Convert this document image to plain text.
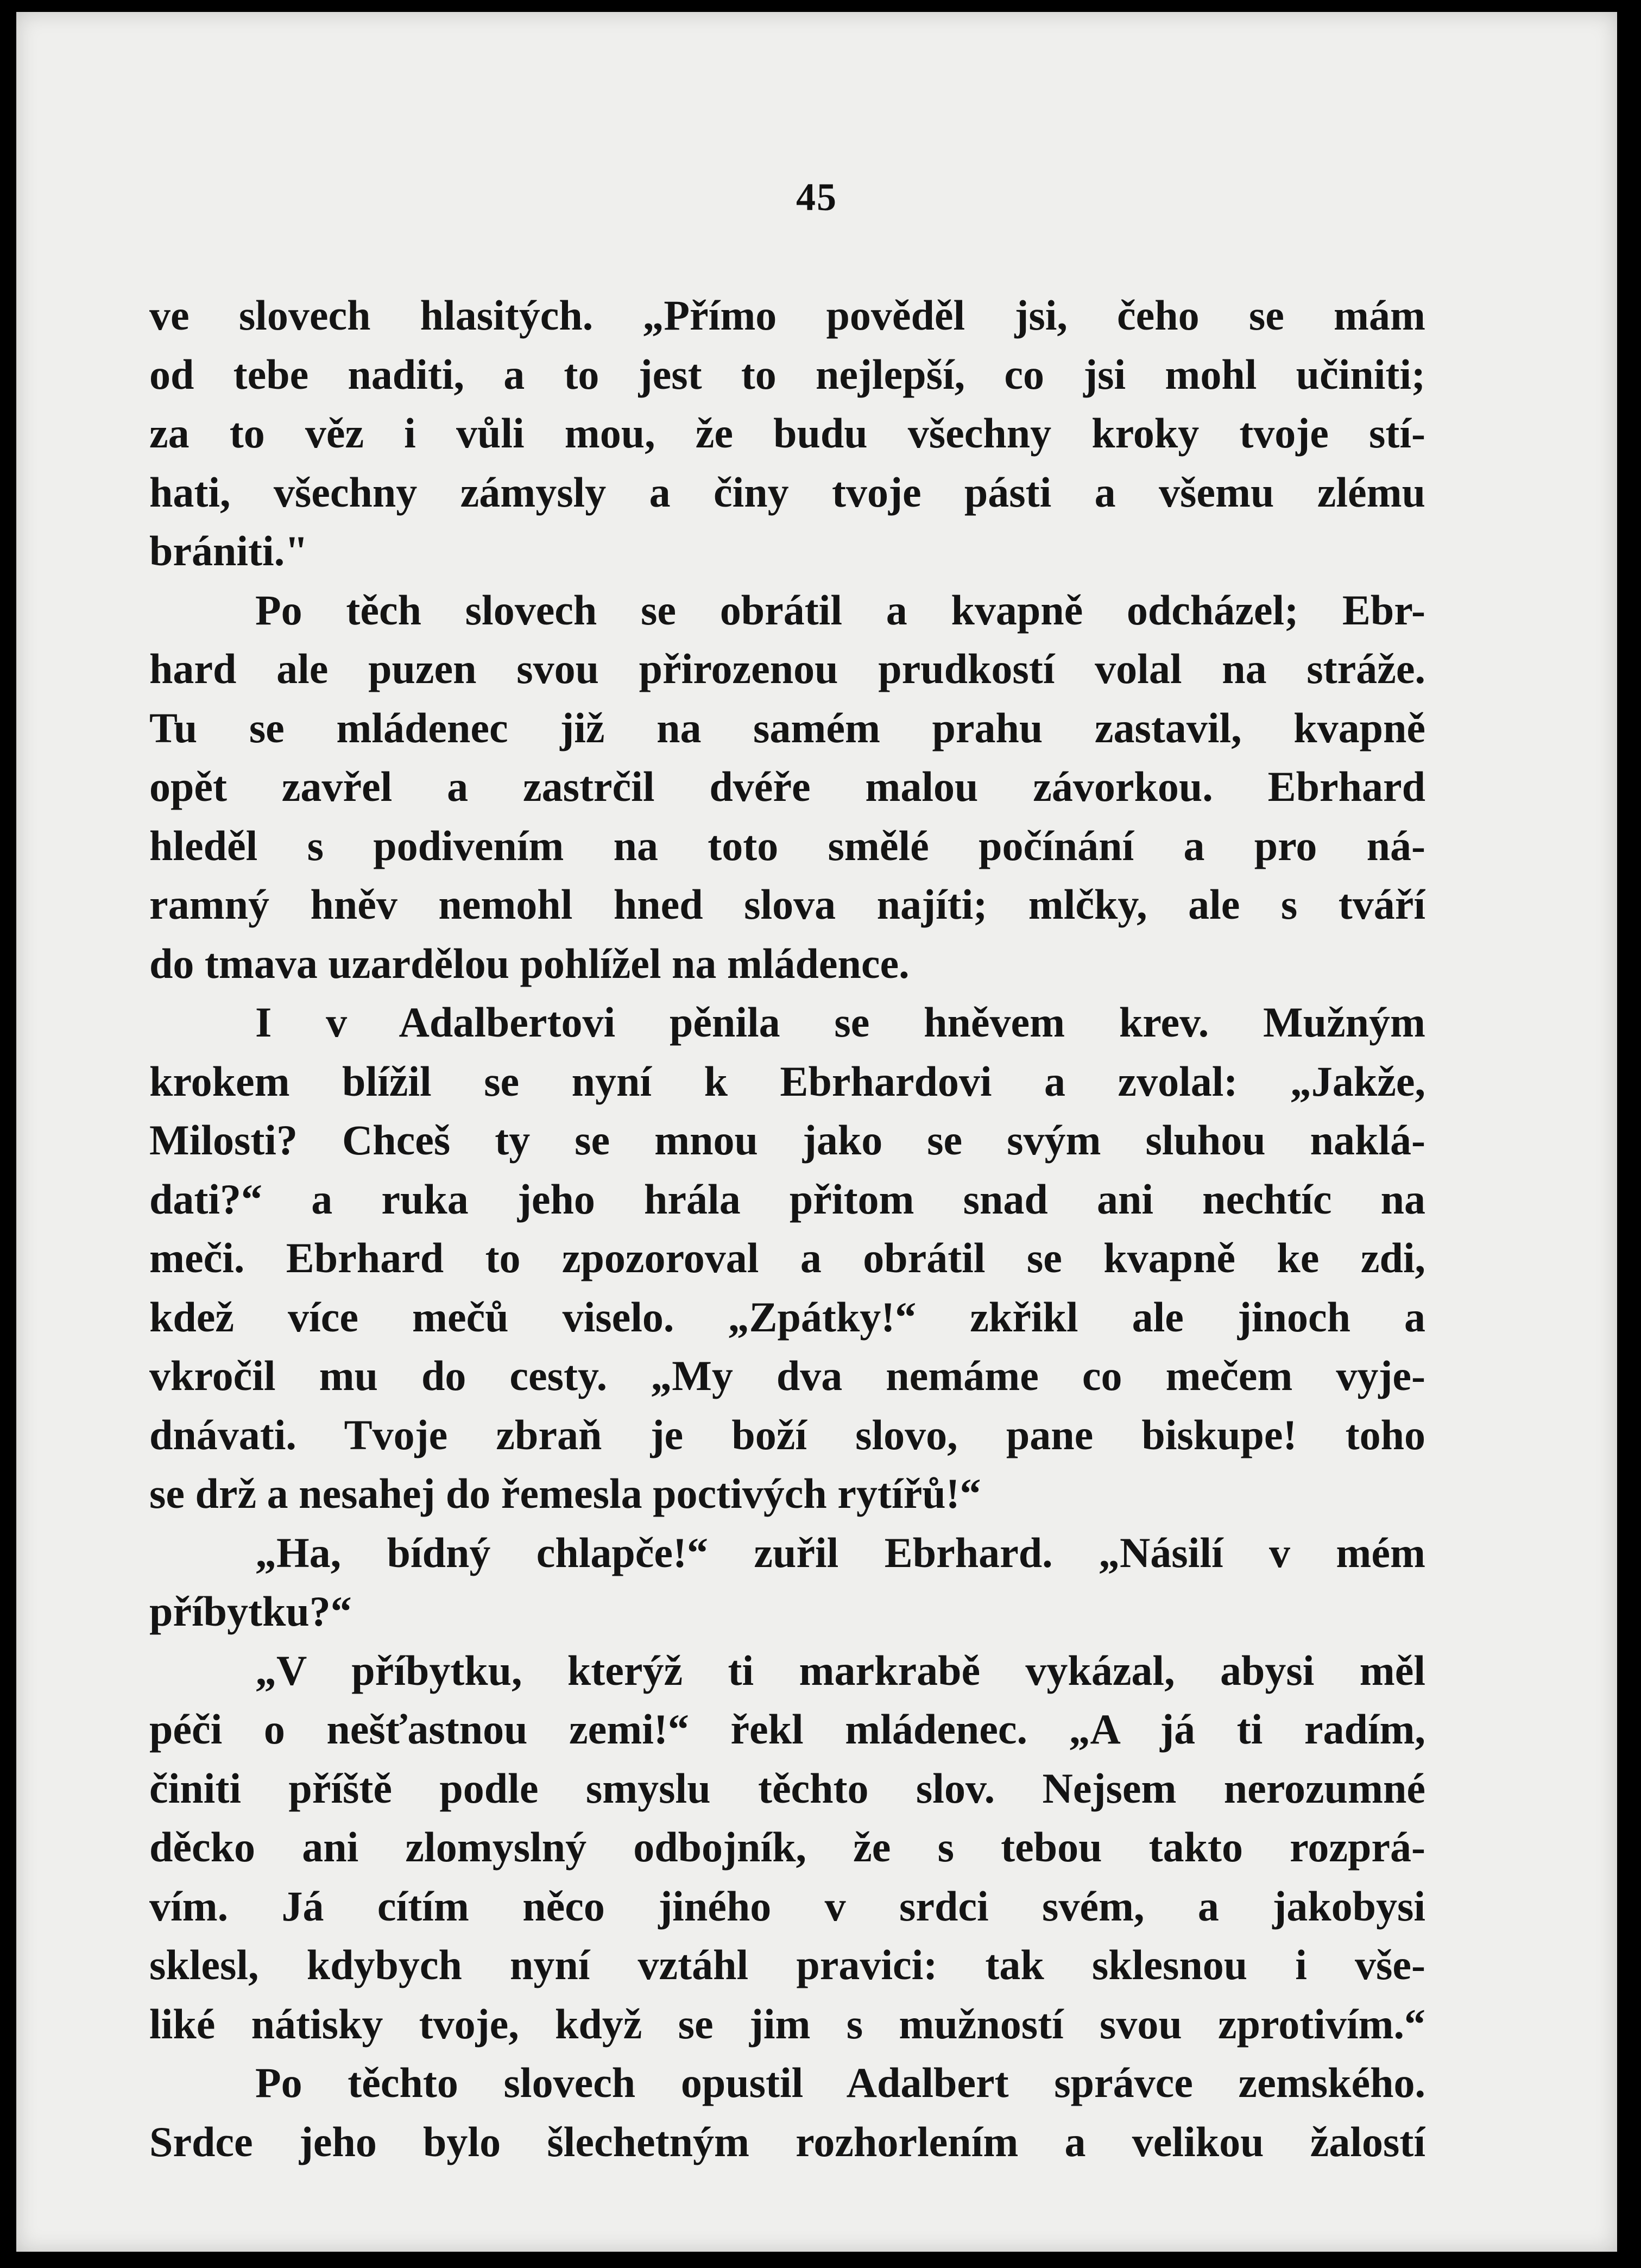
45
ve slovech hlasitých. „Přímo pověděl jsi, čeho se mám
od tebe naditi, a to jest to nejlepší, co jsi mohl učiniti;
za to věz i vůli mou, že budu všechny kroky tvoje stí-
hati, všechny zámysly a činy tvoje pásti a všemu zlému
brániti."
Po těch slovech se obrátil a kvapně odcházel; Ebr-
hard ale puzen svou přirozenou prudkostí volal na stráže.
Tu se mládenec již na samém prahu zastavil, kvapně
opět zavřel a zastrčil dvéře malou závorkou. Ebrhard
hleděl s podivením na toto smělé počínání a pro ná-
ramný hněv nemohl hned slova najíti; mlčky, ale s tváří
do tmava uzardělou pohlížel na mládence.
I v Adalbertovi pěnila se hněvem krev. Mužným
krokem blížil se nyní k Ebrhardovi a zvolal: „Jakže,
Milosti? Chceš ty se mnou jako se svým sluhou naklá-
dati?“ a ruka jeho hrála přitom snad ani nechtíc na
meči. Ebrhard to zpozoroval a obrátil se kvapně ke zdi,
kdež více mečů viselo. „Zpátky!“ zkřikl ale jinoch a
vkročil mu do cesty. „My dva nemáme co mečem vyje-
dnávati. Tvoje zbraň je boží slovo, pane biskupe! toho
se drž a nesahej do řemesla poctivých rytířů!“
„Ha, bídný chlapče!“ zuřil Ebrhard. „Násilí v mém
příbytku?“
„V příbytku, kterýž ti markrabě vykázal, abysi měl
péči o nešťastnou zemi!“ řekl mládenec. „A já ti radím,
činiti příště podle smyslu těchto slov. Nejsem nerozumné
děcko ani zlomyslný odbojník, že s tebou takto rozprá-
vím. Já cítím něco jiného v srdci svém, a jakobysi
sklesl, kdybych nyní vztáhl pravici: tak sklesnou i vše-
liké nátisky tvoje, když se jim s mužností svou zprotivím.“
Po těchto slovech opustil Adalbert správce zemského.
Srdce jeho bylo šlechetným rozhorlením a velikou žalostí
